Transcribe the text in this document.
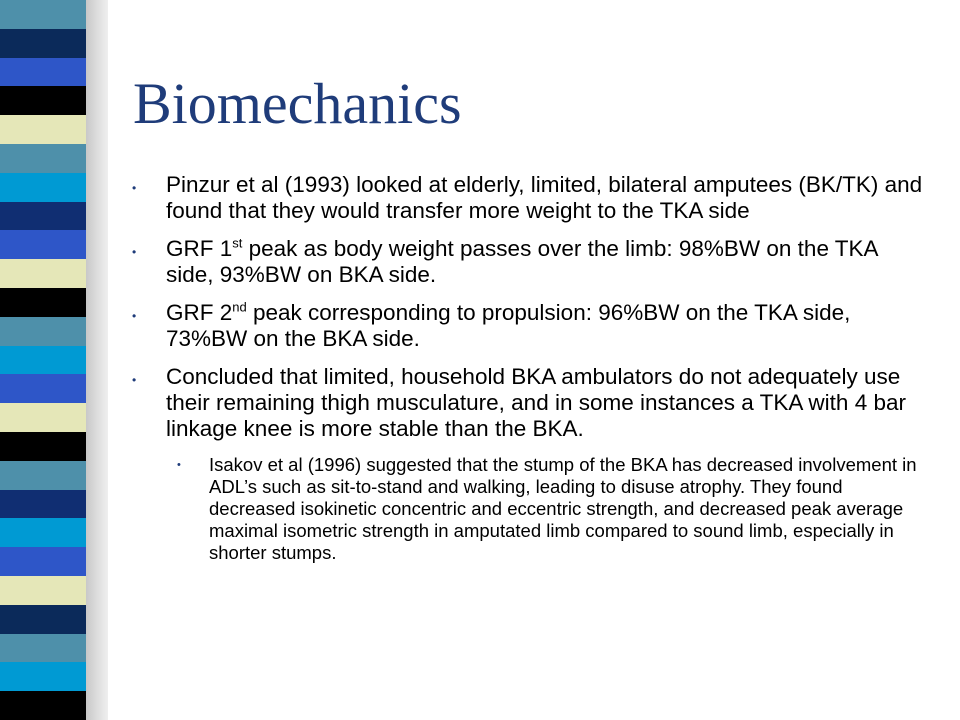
Biomechanics
• Pinzur et al (1993) looked at elderly, limited, bilateral amputees (BK/TK) and found that they would transfer more weight to the TKA side
• GRF 1st peak as body weight passes over the limb: 98%BW on the TKA side, 93%BW on BKA side.
• GRF 2nd peak corresponding to propulsion: 96%BW on the TKA side, 73%BW on the BKA side.
• Concluded that limited, household BKA ambulators do not adequately use their remaining thigh musculature, and in some instances a TKA with 4 bar linkage knee is more stable than the BKA.
• Isakov et al (1996) suggested that the stump of the BKA has decreased involvement in ADL’s such as sit-to-stand and walking, leading to disuse atrophy. They found decreased isokinetic concentric and eccentric strength, and decreased peak average maximal isometric strength in amputated limb compared to sound limb, especially in shorter stumps.
